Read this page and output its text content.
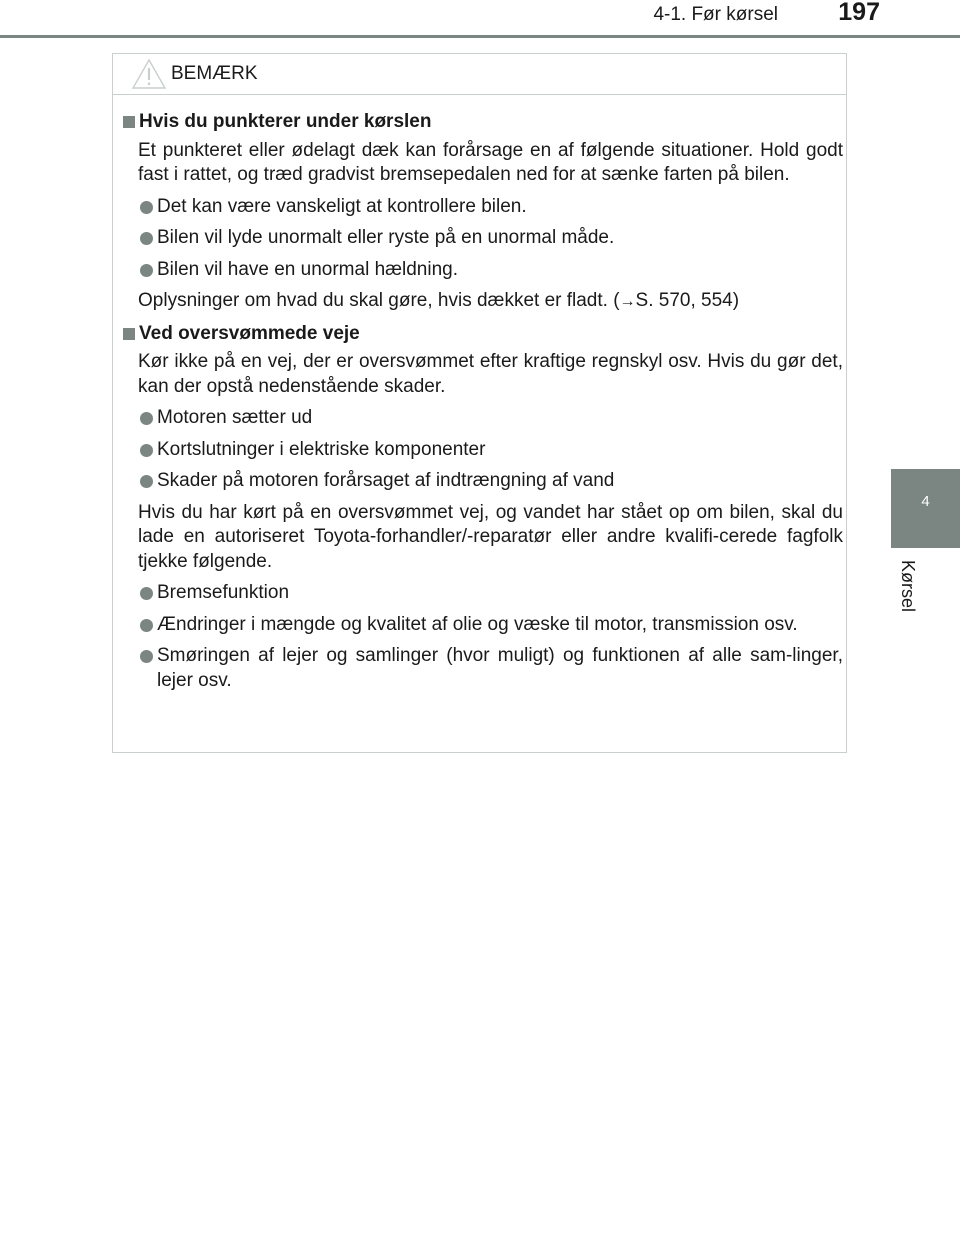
4-1. Før kørsel 197
4
Kørsel
BEMÆRK

Hvis du punkterer under kørslen

Et punkteret eller ødelagt dæk kan forårsage en af følgende situationer. Hold godt fast i rattet, og træd gradvist bremsepedalen ned for at sænke farten på bilen.

Det kan være vanskeligt at kontrollere bilen.

Bilen vil lyde unormalt eller ryste på en unormal måde.

Bilen vil have en unormal hældning.

Oplysninger om hvad du skal gøre, hvis dækket er fladt. (→S. 570, 554)

Ved oversvømmede veje

Kør ikke på en vej, der er oversvømmet efter kraftige regnskyl osv. Hvis du gør det, kan der opstå nedenstående skader.

Motoren sætter ud

Kortslutninger i elektriske komponenter

Skader på motoren forårsaget af indtrængning af vand

Hvis du har kørt på en oversvømmet vej, og vandet har stået op om bilen, skal du lade en autoriseret Toyota-forhandler/-reparatør eller andre kvalifi-cerede fagfolk tjekke følgende.

Bremsefunktion

Ændringer i mængde og kvalitet af olie og væske til motor, transmission osv.

Smøringen af lejer og samlinger (hvor muligt) og funktionen af alle sam-linger, lejer osv.
